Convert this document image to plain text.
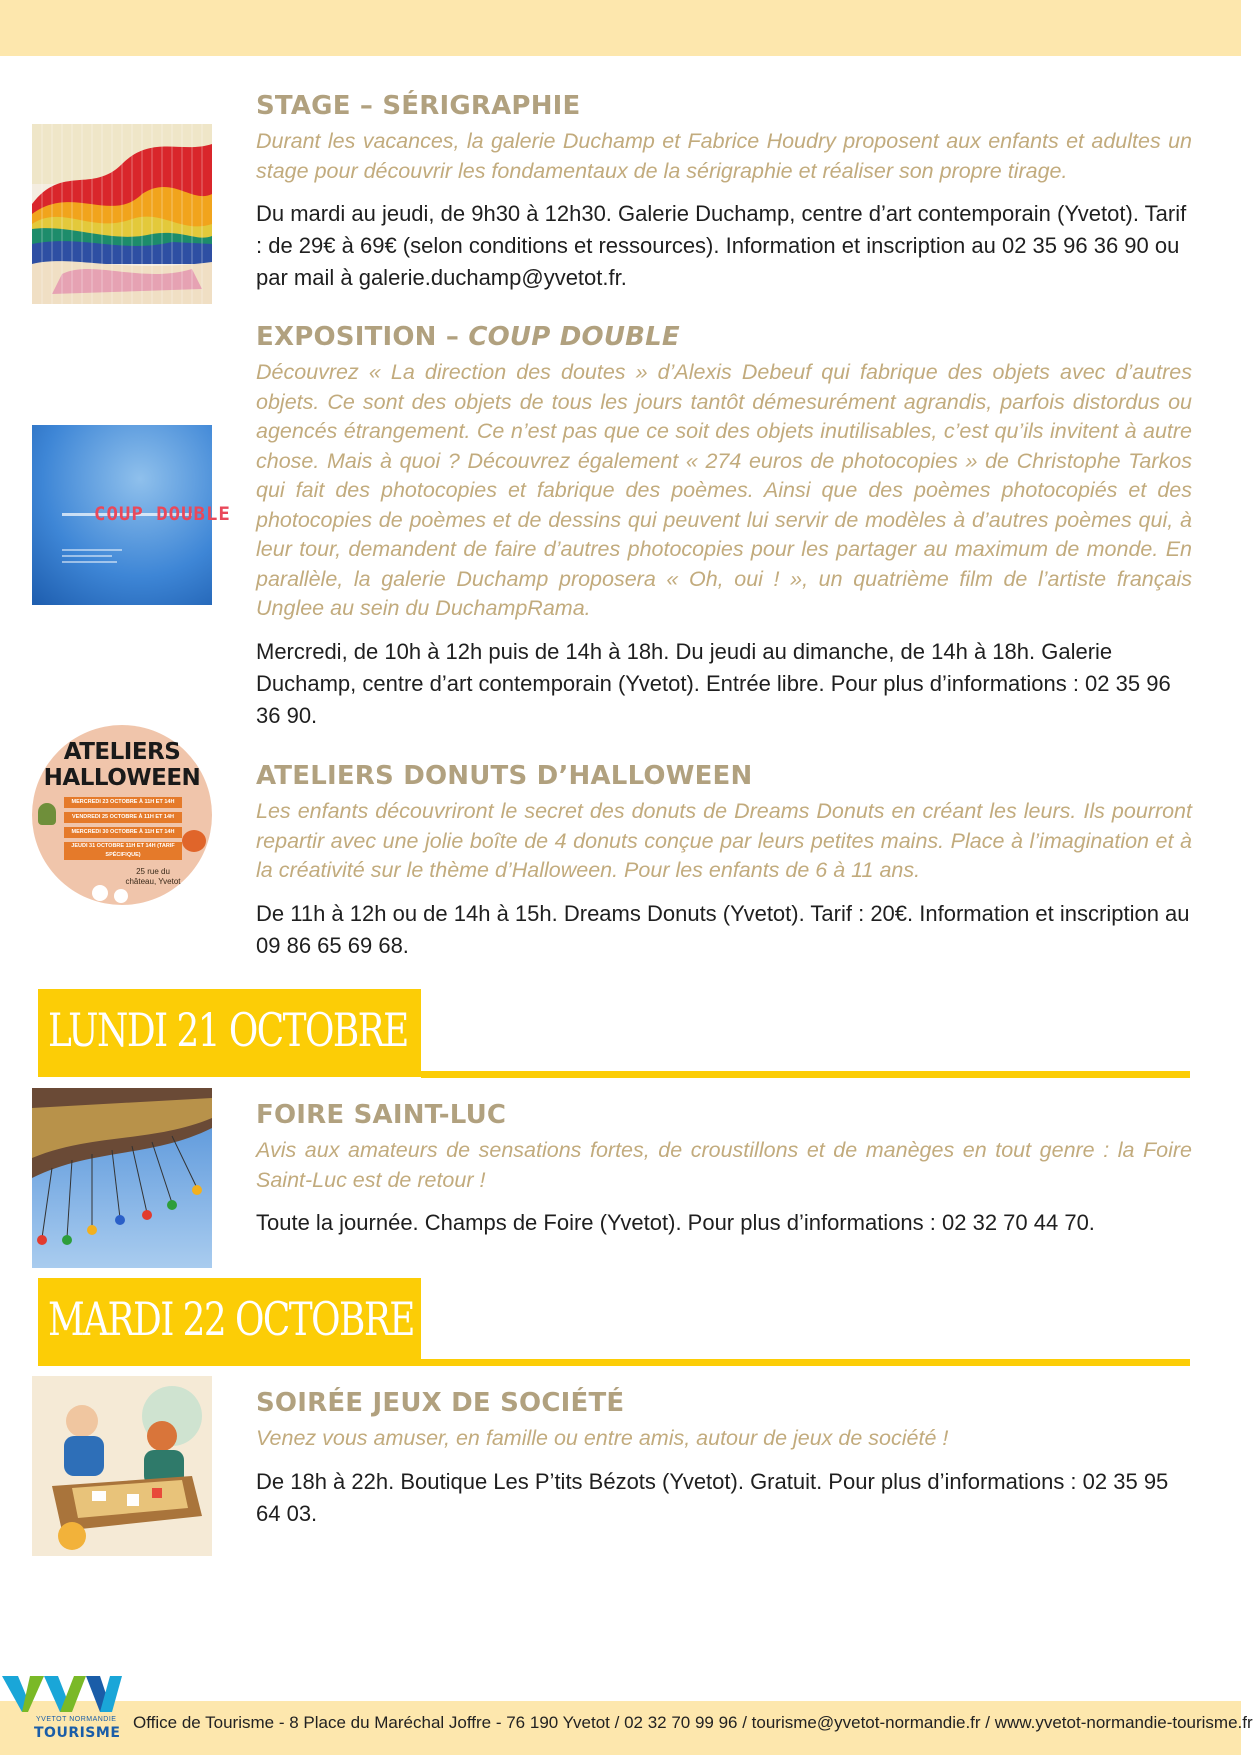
STAGE – SÉRIGRAPHIE
Durant les vacances, la galerie Duchamp et Fabrice Houdry proposent aux enfants et adultes un stage pour découvrir les fondamentaux de la sérigraphie et réaliser son propre tirage.
Du mardi au jeudi, de 9h30 à 12h30. Galerie Duchamp, centre d’art contemporain (Yvetot). Tarif : de 29€ à 69€ (selon conditions et ressources). Information et inscription au 02 35 96 36 90 ou par mail à galerie.duchamp@yvetot.fr.
COUP DOUBLE
EXPOSITION – COUP DOUBLE
Découvrez « La direction des doutes » d’Alexis Debeuf qui fabrique des objets avec d’autres objets. Ce sont des objets de tous les jours tantôt démesurément agrandis, parfois distordus ou agencés étrangement. Ce n’est pas que ce soit des objets inutilisables, c’est qu’ils invitent à autre chose. Mais à quoi ? Découvrez également « 274 euros de photocopies » de Christophe Tarkos qui fait des photocopies et fabrique des poèmes. Ainsi que des poèmes photocopiés et des photocopies de poèmes et de dessins qui peuvent lui servir de modèles à d’autres poèmes qui, à leur tour, demandent de faire d’autres photocopies pour les partager au maximum de monde. En parallèle, la galerie Duchamp proposera « Oh, oui ! », un quatrième film de l’artiste français Unglee au sein du DuchampRama.
Mercredi, de 10h à 12h puis de 14h à 18h. Du jeudi au dimanche, de 14h à 18h. Galerie Duchamp, centre d’art contemporain (Yvetot). Entrée libre. Pour plus d’informations : 02 35 96 36 90.
ATELIERS
HALLOWEEN
MERCREDI 23 OCTOBRE À 11H ET 14H
VENDREDI 25 OCTOBRE À 11H ET 14H
MERCREDI 30 OCTOBRE À 11H ET 14H
JEUDI 31 OCTOBRE 11H ET 14H (TARIF SPÉCIFIQUE)
25 rue du château, Yvetot
ATELIERS DONUTS D’HALLOWEEN
Les enfants découvriront le secret des donuts de Dreams Donuts en créant les leurs. Ils pourront repartir avec une jolie boîte de 4 donuts conçue par leurs petites mains. Place à l’imagination et à la créativité sur le thème d’Halloween. Pour les enfants de 6 à 11 ans.
De 11h à 12h ou de 14h à 15h. Dreams Donuts (Yvetot). Tarif : 20€. Information et inscription au 09 86 65 69 68.
LUNDI 21 OCTOBRE
FOIRE SAINT-LUC
Avis aux amateurs de sensations fortes, de croustillons et de manèges en tout genre : la Foire Saint-Luc est de retour !
Toute la journée. Champs de Foire (Yvetot). Pour plus d’informations : 02 32 70 44 70.
MARDI 22 OCTOBRE
SOIRÉE JEUX DE SOCIÉTÉ
Venez vous amuser, en famille ou entre amis, autour de jeux de société !
De 18h à 22h. Boutique Les P’tits Bézots (Yvetot). Gratuit. Pour plus d’informations : 02 35 95 64 03.
YVETOT NORMANDIE
TOURISME
Office de Tourisme - 8 Place du Maréchal Joffre - 76 190 Yvetot / 02 32 70 99 96 / tourisme@yvetot-normandie.fr / www.yvetot-normandie-tourisme.fr
